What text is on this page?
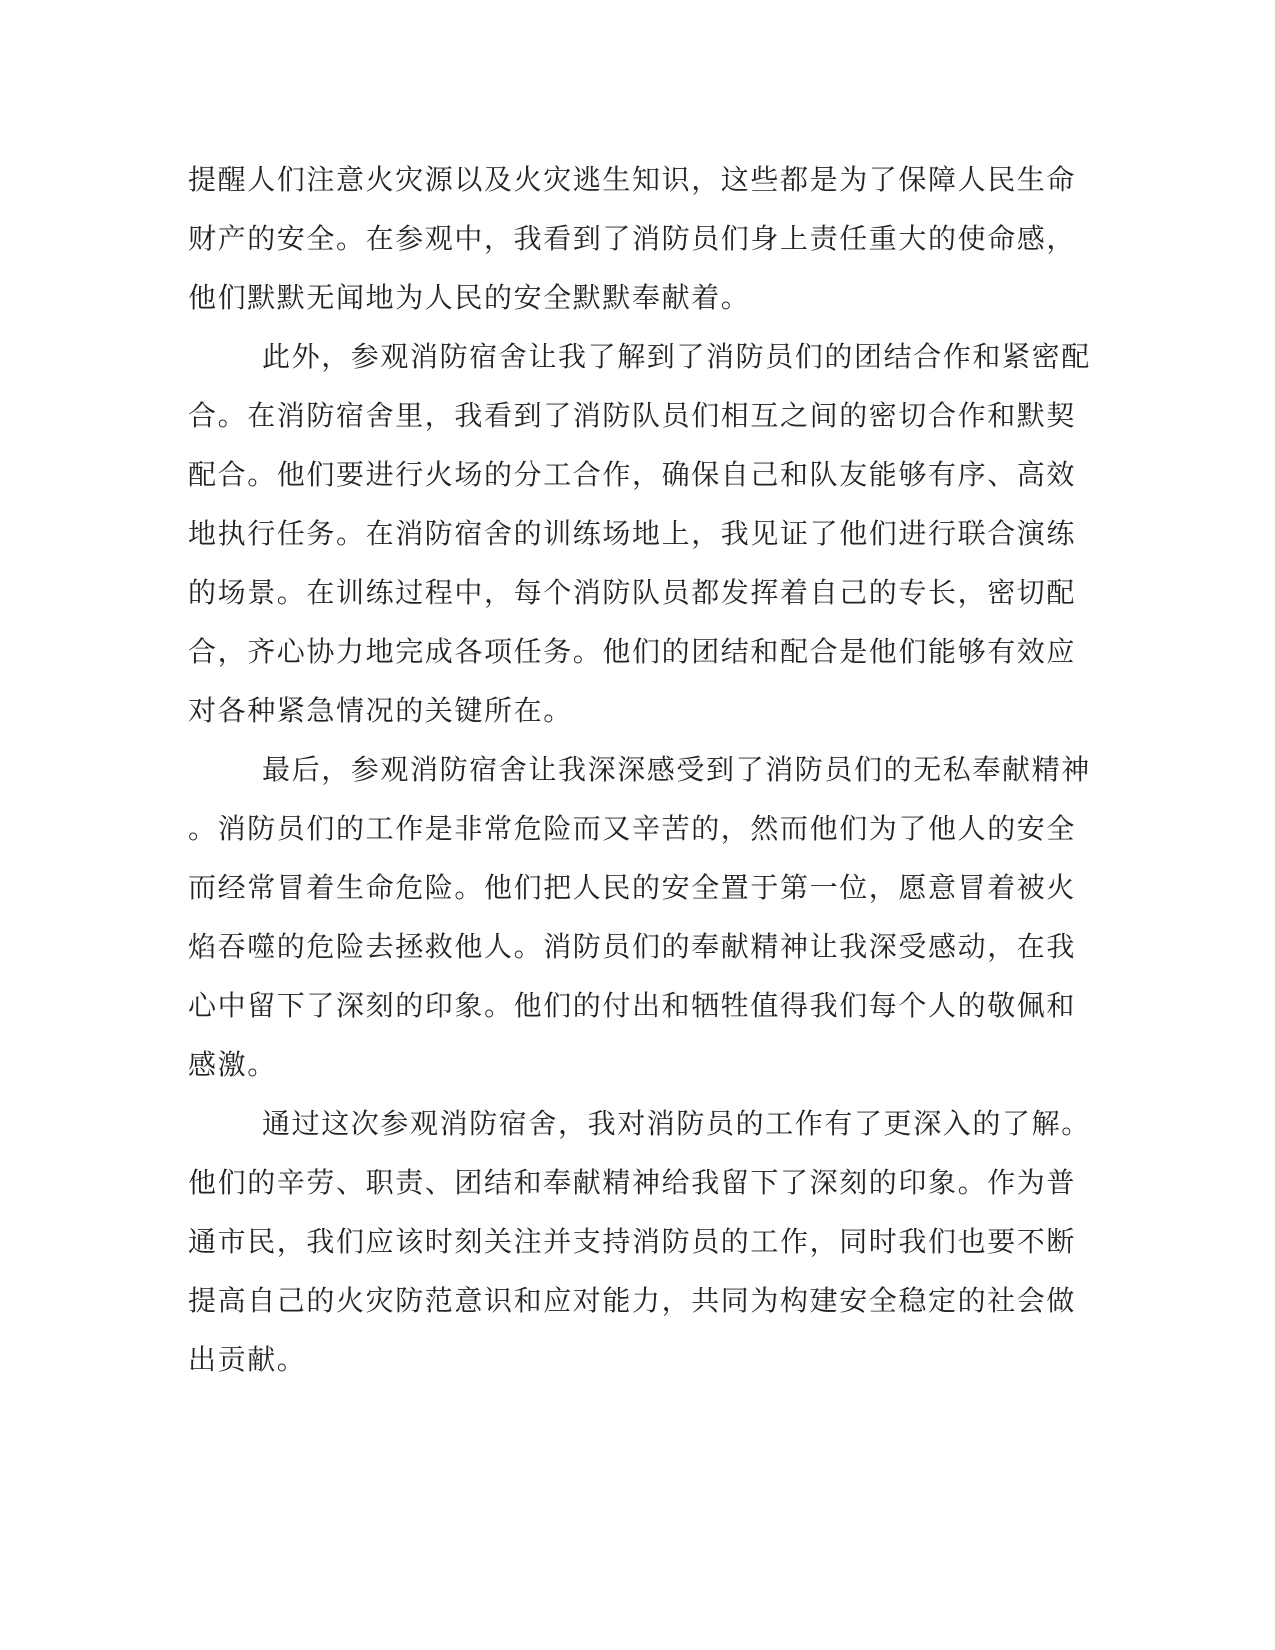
提醒人们注意火灾源以及火灾逃生知识，这些都是为了保障人民生命
财产的安全。在参观中，我看到了消防员们身上责任重大的使命感，
他们默默无闻地为人民的安全默默奉献着。
此外，参观消防宿舍让我了解到了消防员们的团结合作和紧密配
合。在消防宿舍里，我看到了消防队员们相互之间的密切合作和默契
配合。他们要进行火场的分工合作，确保自己和队友能够有序、高效
地执行任务。在消防宿舍的训练场地上，我见证了他们进行联合演练
的场景。在训练过程中，每个消防队员都发挥着自己的专长，密切配
合，齐心协力地完成各项任务。他们的团结和配合是他们能够有效应
对各种紧急情况的关键所在。
最后，参观消防宿舍让我深深感受到了消防员们的无私奉献精神
。消防员们的工作是非常危险而又辛苦的，然而他们为了他人的安全
而经常冒着生命危险。他们把人民的安全置于第一位，愿意冒着被火
焰吞噬的危险去拯救他人。消防员们的奉献精神让我深受感动，在我
心中留下了深刻的印象。他们的付出和牺牲值得我们每个人的敬佩和
感激。
通过这次参观消防宿舍，我对消防员的工作有了更深入的了解。
他们的辛劳、职责、团结和奉献精神给我留下了深刻的印象。作为普
通市民，我们应该时刻关注并支持消防员的工作，同时我们也要不断
提高自己的火灾防范意识和应对能力，共同为构建安全稳定的社会做
出贡献。
